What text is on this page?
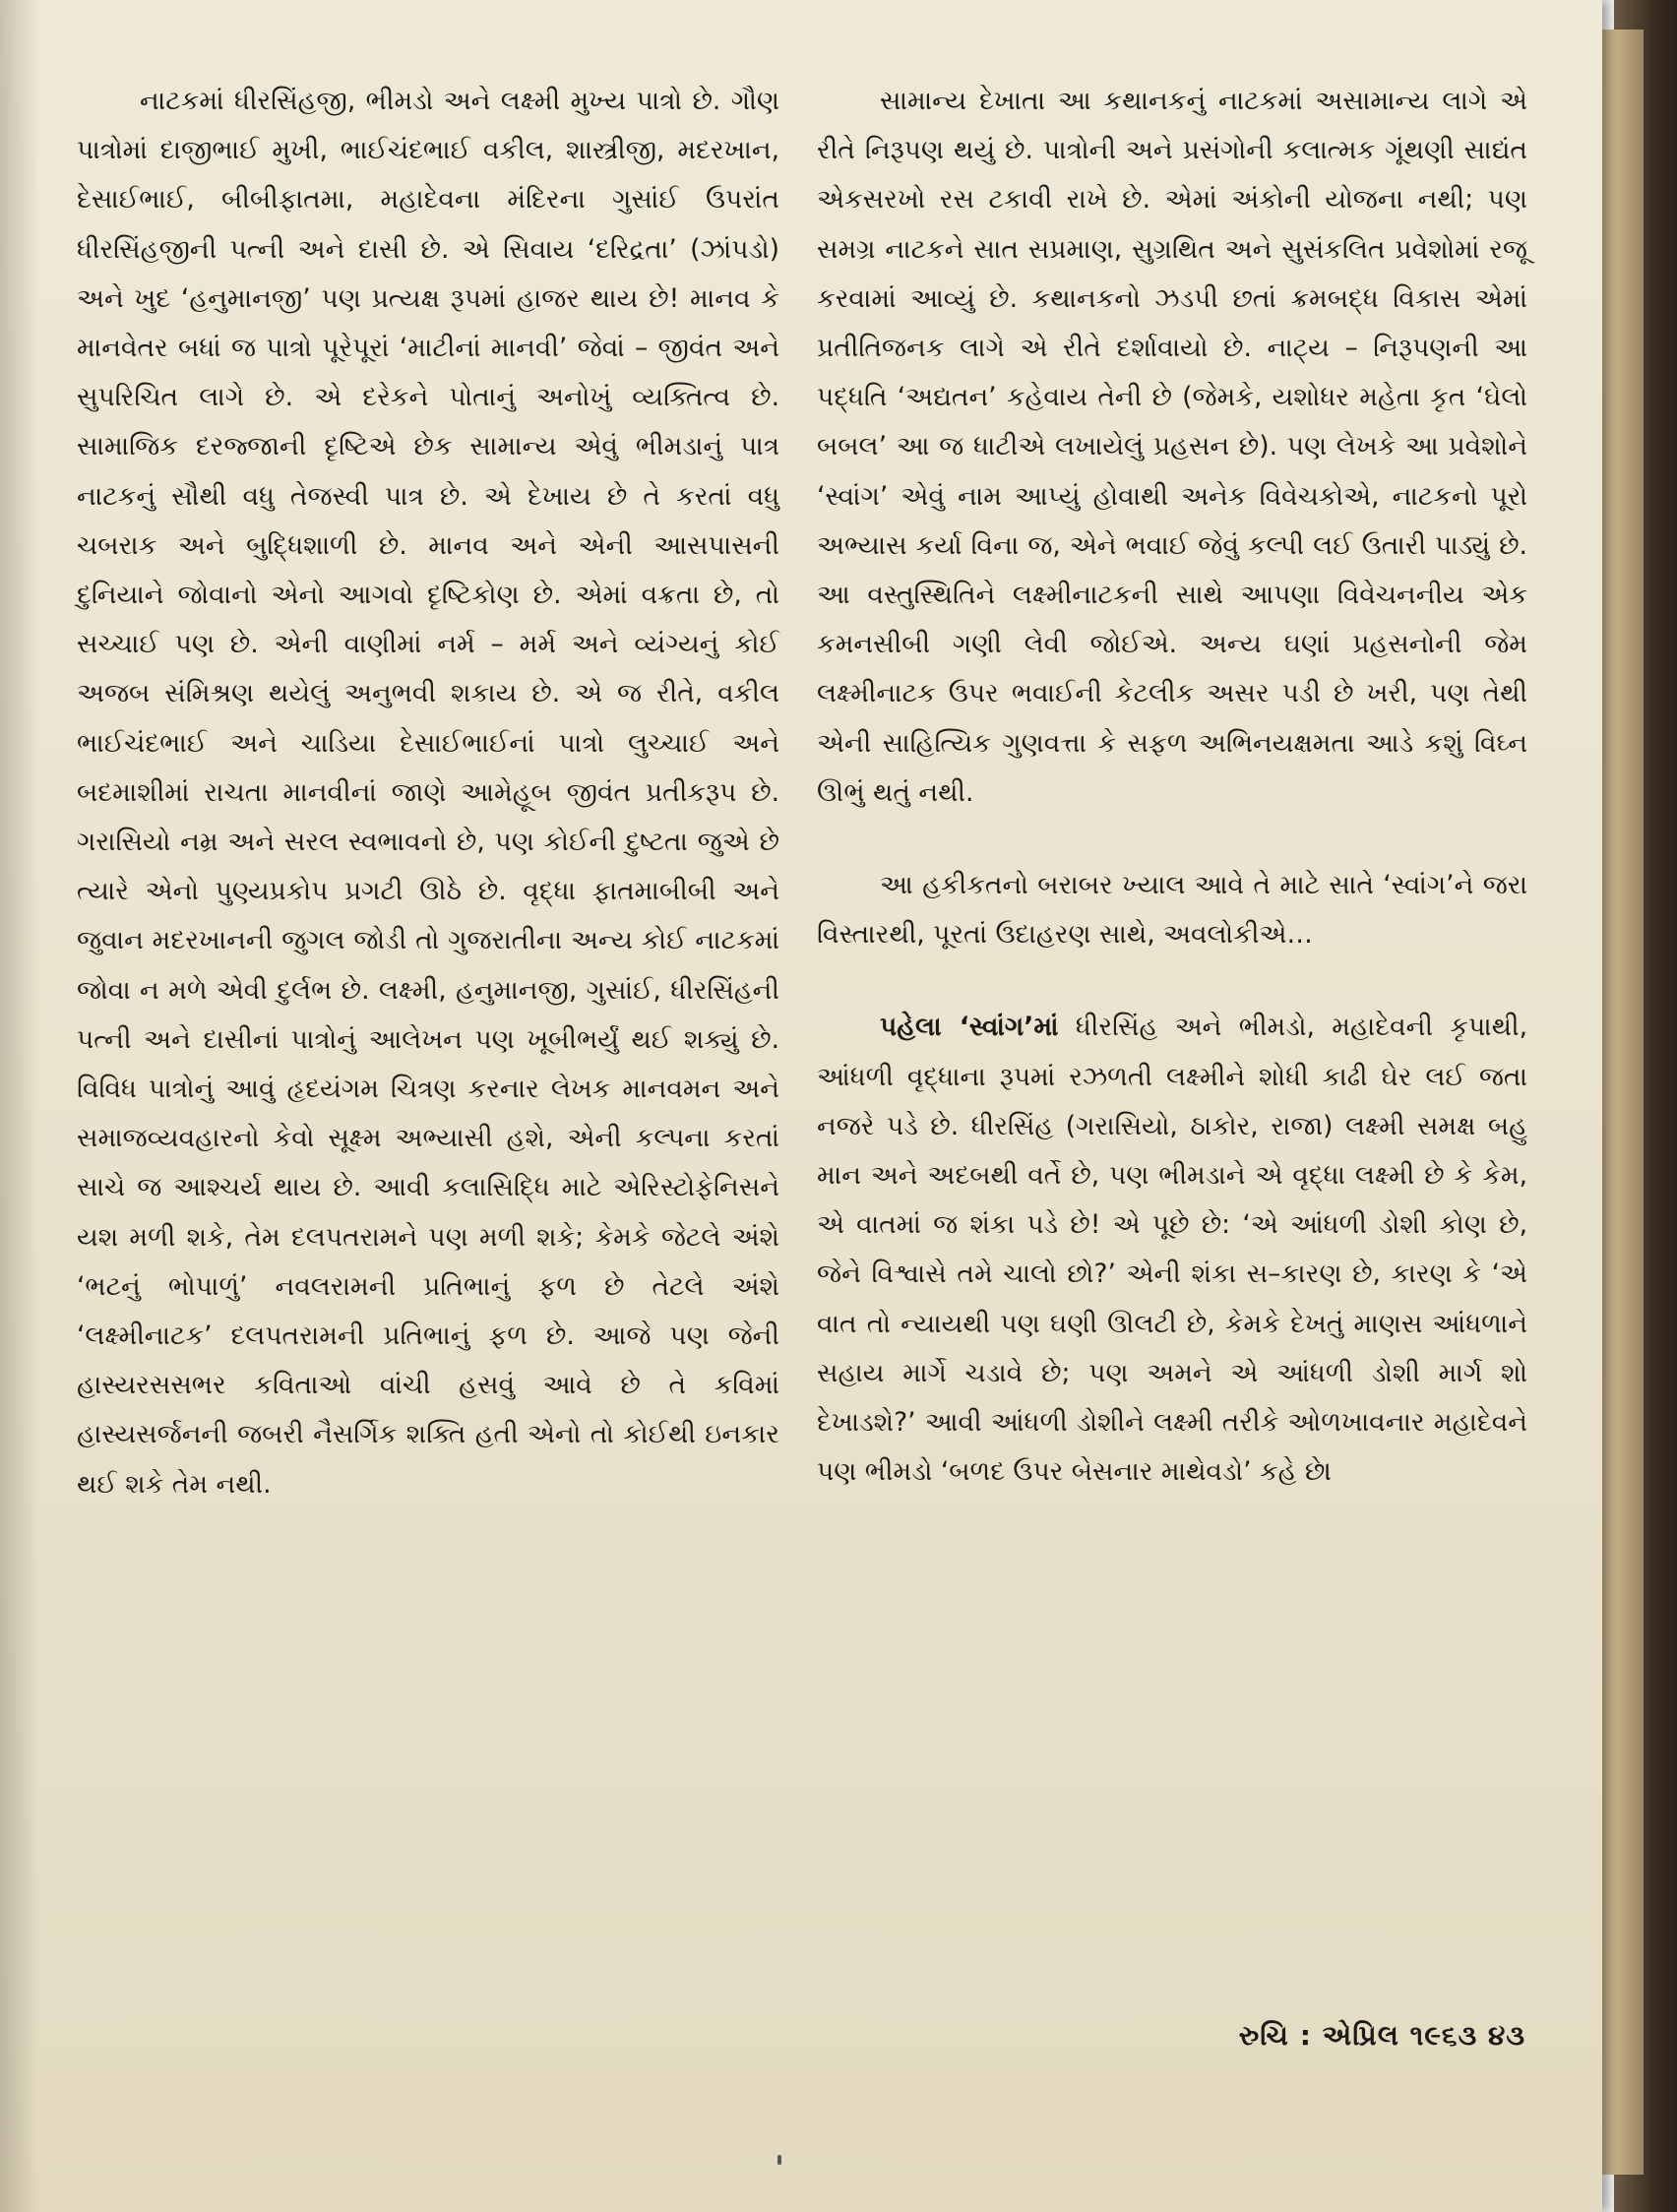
નાટકમાં ધીરસિંહજી, ભીમડો અને લક્ષ્મી મુખ્ય પાત્રો છે. ગૌણ પાત્રોમાં દાજીભાઈ મુખી, ભાઈચંદભાઈ વકીલ, શાસ્ત્રીજી, મદરખાન, દેસાઈભાઈ, બીબીફાતમા, મહાદેવના મંદિરના ગુસાંઈ ઉપરાંત ધીરસિંહજીની પત્ની અને દાસી છે. એ સિવાય ‘દરિદ્રતા’ (ઝાંપડો) અને ખુદ ‘હનુમાનજી’ પણ પ્રત્યક્ષ રૂપમાં હાજર થાય છે! માનવ કે માનવેતર બધાં જ પાત્રો પૂરેપૂરાં ‘માટીનાં માનવી’ જેવાં – જીવંત અને સુપરિચિત લાગે છે. એ દરેકને પોતાનું અનોખું વ્યક્તિત્વ છે. સામાજિક દરજ્જાની દૃષ્ટિએ છેક સામાન્ય એવું ભીમડાનું પાત્ર નાટકનું સૌથી વધુ તેજસ્વી પાત્ર છે. એ દેખાય છે તે કરતાં વધુ ચબરાક અને બુદ્ધિશાળી છે. માનવ અને એની આસપાસની દુનિયાને જોવાનો એનો આગવો દૃષ્ટિકોણ છે. એમાં વક્રતા છે, તો સચ્ચાઈ પણ છે. એની વાણીમાં નર્મ – મર્મ અને વ્યંગ્યનું કોઈ અજબ સંમિશ્રણ થયેલું અનુભવી શકાય છે. એ જ રીતે, વકીલ ભાઈચંદભાઈ અને ચાડિયા દેસાઈભાઈનાં પાત્રો લુચ્ચાઈ અને બદમાશીમાં રાચતા માનવીનાં જાણે આમેહૂબ જીવંત પ્રતીકરૂપ છે. ગરાસિયો નમ્ર અને સરલ સ્વભાવનો છે, પણ કોઈની દુષ્ટતા જુએ છે ત્યારે એનો પુણ્યપ્રકોપ પ્રગટી ઊઠે છે. વૃદ્ધા ફાતમાબીબી અને જુવાન મદરખાનની જુગલ જોડી તો ગુજરાતીના અન્ય કોઈ નાટકમાં જોવા ન મળે એવી દુર્લભ છે. લક્ષ્મી, હનુમાનજી, ગુસાંઈ, ધીરસિંહની પત્ની અને દાસીનાં પાત્રોનું આલેખન પણ ખૂબીભર્યું થઈ શક્યું છે. વિવિધ પાત્રોનું આવું હૃદયંગમ ચિત્રણ કરનાર લેખક માનવમન અને સમાજવ્યવહારનો કેવો સૂક્ષ્મ અભ્યાસી હશે, એની કલ્પના કરતાં સાચે જ આશ્ચર્ય થાય છે. આવી કલાસિદ્ધિ માટે એરિસ્ટોફેનિસને યશ મળી શકે, તેમ દલપતરામને પણ મળી શકે; કેમકે જેટલે અંશે ‘ભટનું ભોપાળું’ નવલરામની પ્રતિભાનું ફળ છે તેટલે અંશે ‘લક્ષ્મીનાટક’ દલપતરામની પ્રતિભાનું ફળ છે. આજે પણ જેની હાસ્યરસસભર કવિતાઓ વાંચી હસવું આવે છે તે કવિમાં હાસ્યસર્જનની જબરી નૈસર્ગિક શક્તિ હતી એનો તો કોઈથી ઇનકાર થઈ શકે તેમ નથી.

સામાન્ય દેખાતા આ કથાનકનું નાટકમાં અસામાન્ય લાગે એ રીતે નિરૂપણ થયું છે. પાત્રોની અને પ્રસંગોની કલાત્મક ગૂંથણી સાદ્યંત એકસરખો રસ ટકાવી રાખે છે. એમાં અંકોની યોજના નથી; પણ સમગ્ર નાટકને સાત સપ્રમાણ, સુગ્રથિત અને સુસંકલિત પ્રવેશોમાં રજૂ કરવામાં આવ્યું છે. કથાનકનો ઝડપી છતાં ક્રમબદ્ધ વિકાસ એમાં પ્રતીતિજનક લાગે એ રીતે દર્શાવાયો છે. નાટ્ય – નિરૂપણની આ પદ્ધતિ ‘અદ્યતન’ કહેવાય તેની છે (જેમકે, યશોધર મહેતા કૃત ‘ઘેલો બબલ’ આ જ ધાટીએ લખાયેલું પ્રહસન છે). પણ લેખકે આ પ્રવેશોને ‘સ્વાંગ’ એવું નામ આપ્યું હોવાથી અનેક વિવેચકોએ, નાટકનો પૂરો અભ્યાસ કર્યા વિના જ, એને ભવાઈ જેવું કલ્પી લઈ ઉતારી પાડ્યું છે. આ વસ્તુસ્થિતિને લક્ષ્મીનાટકની સાથે આપણા વિવેચનનીય એક કમનસીબી ગણી લેવી જોઈએ. અન્ય ઘણાં પ્રહસનોની જેમ લક્ષ્મીનાટક ઉપર ભવાઈની કેટલીક અસર પડી છે ખરી, પણ તેથી એની સાહિત્યિક ગુણવત્તા કે સફળ અભિનયક્ષમતા આડે કશું વિઘ્ન ઊભું થતું નથી.

આ હકીકતનો બરાબર ખ્યાલ આવે તે માટે સાતે ‘સ્વાંગ’ને જરા વિસ્તારથી, પૂરતાં ઉદાહરણ સાથે, અવલોકીએ…

પહેલા ‘સ્વાંગ’માં ધીરસિંહ અને ભીમડો, મહાદેવની કૃપાથી, આંધળી વૃદ્ધાના રૂપમાં રઝળતી લક્ષ્મીને શોધી કાઢી ઘેર લઈ જતા નજરે પડે છે. ધીરસિંહ (ગરાસિયો, ઠાકોર, રાજા) લક્ષ્મી સમક્ષ બહુ માન અને અદબથી વર્તે છે, પણ ભીમડાને એ વૃદ્ધા લક્ષ્મી છે કે કેમ, એ વાતમાં જ શંકા પડે છે! એ પૂછે છે: ‘એ આંધળી ડોશી કોણ છે, જેને વિશ્વાસે તમે ચાલો છો?’ એની શંકા સ–કારણ છે, કારણ કે ‘એ વાત તો ન્યાયથી પણ ઘણી ઊલટી છે, કેમકે દેખતું માણસ આંધળાને સહાય માર્ગે ચડાવે છે; પણ અમને એ આંધળી ડોશી માર્ગ શો દેખાડશે?’ આવી આંધળી ડોશીને લક્ષ્મી તરીકે ઓળખાવનાર મહાદેવને પણ ભીમડો ‘બળદ ઉપર બેસનાર માથેવડો’ કહે છે।

રુચિ : એપ્રિલ ૧૯૬૩ ૪૩
